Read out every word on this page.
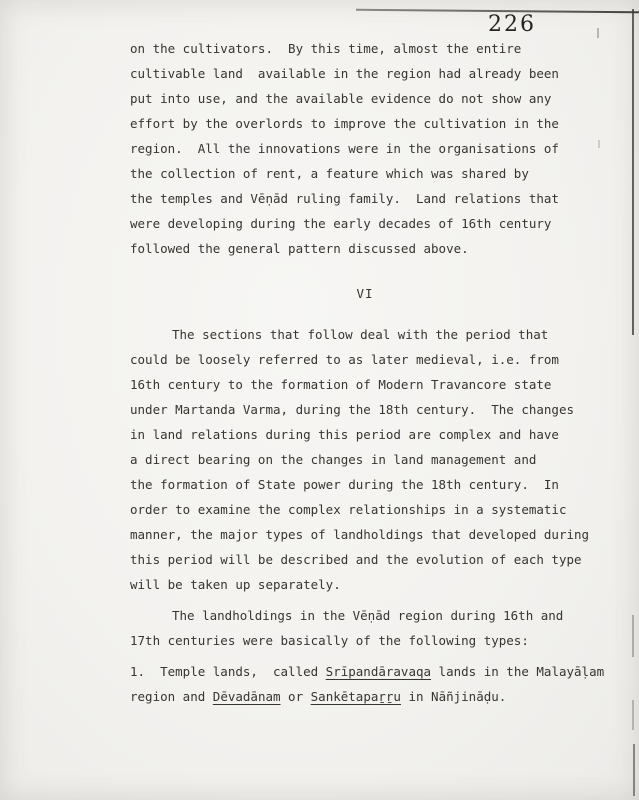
226
on the cultivators.  By this time, almost the entire
cultivable land  available in the region had already been
put into use, and the available evidence do not show any
effort by the overlords to improve the cultivation in the
region.  All the innovations were in the organisations of
the collection of rent, a feature which was shared by
the temples and Vēṇād ruling family.  Land relations that
were developing during the early decades of 16th century
followed the general pattern discussed above.
VI
The sections that follow deal with the period that
could be loosely referred to as later medieval, i.e. from
16th century to the formation of Modern Travancore state
under Martanda Varma, during the 18th century.  The changes
in land relations during this period are complex and have
a direct bearing on the changes in land management and
the formation of State power during the 18th century.  In
order to examine the complex relationships in a systematic
manner, the major types of landholdings that developed during
this period will be described and the evolution of each type
will be taken up separately.
The landholdings in the Vēṇād region during 16th and
17th centuries were basically of the following types:
1.  Temple lands,  called Srīpandāravaqa lands in the Malayāḷam
region and Dēvadānam or Sankētapaṟṟu in Nāñjināḍu.
